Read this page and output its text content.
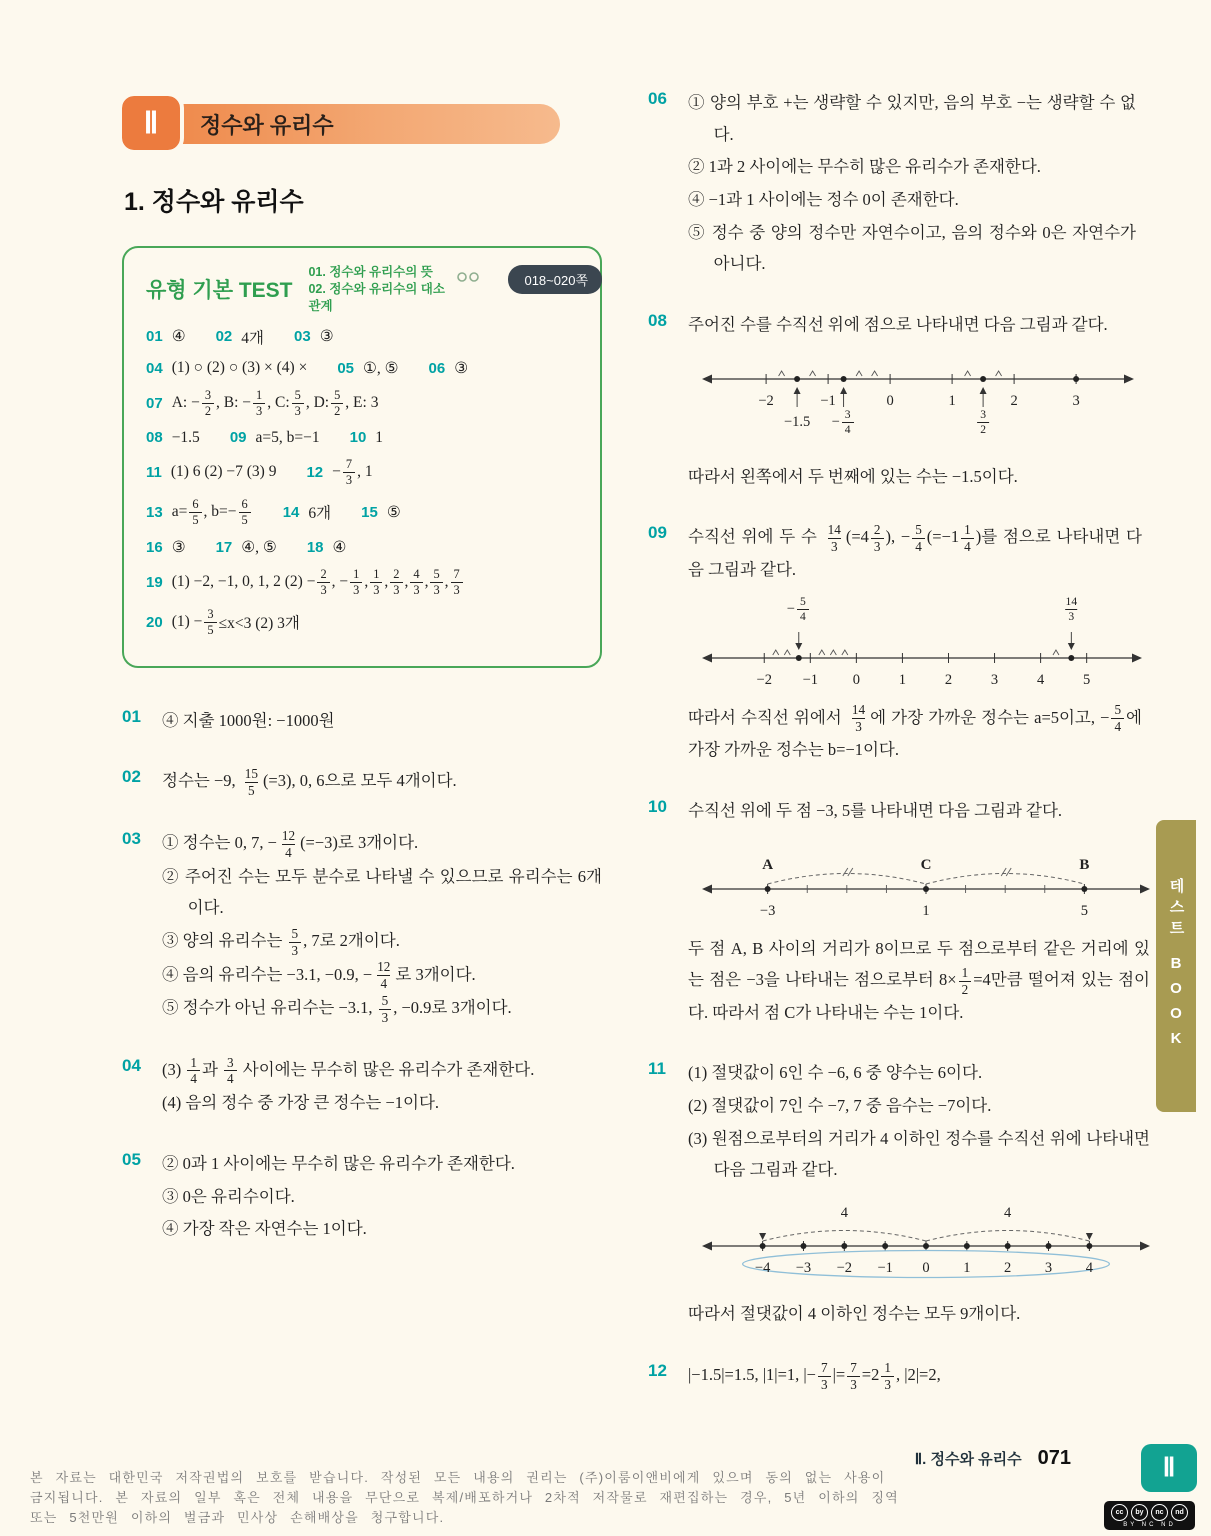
정수와 유리수
Ⅱ
1. 정수와 유리수
유형 기본 TEST
01. 정수와 유리수의 뜻
02. 정수와 유리수의 대소 관계
018~020쪽
01 ④ 02 4개 03 ③
04 (1) ○ (2) ○ (3) × (4) × 05 ①, ⑤ 06 ③
07 A: − $\frac{3}{2}$ , B: − $\frac{1}{3}$ , C: $\frac{5}{3}$ , D: $\frac{5}{2}$ , E: 3
08 −1.5 09 a=5, b=−1 10 1
11 (1) 6 (2) −7 (3) 9 $12 - \frac{7}{3}$ , 1
13 $a= \frac{6}{5}$ , $b=- \frac{6}{5} 14$ 6개 15 ⑤
16 ③ 17 ④, ⑤ 18 ④
19 (1) −2, −1, 0, 1, 2 $(2) - \frac{2}{3}$ , − $\frac{1}{3}$ , $\frac{1}{3}$ , $\frac{2}{3}$ , $\frac{4}{3}$ , $\frac{5}{3}$ , $\frac{7}{3}$
20 $(1) - \frac{3}{5} \le x<3$ (2) 3개
01	④ 지출 1000원: −1000원
02	정수는 −9, $\frac{15}{5} (=3)$, 0, 6으로 모두 4개이다.
03	① 정수는 0, 7, − $\frac{12}{4} (=-3)$로 3개이다.
② 주어진 수는 모두 분수로 나타낼 수 있으므로 유리수는 6개이다.
③ 양의 유리수는 $\frac{5}{3}$ , 7로 2개이다.
④ 음의 유리수는 −3.1, −0.9, − $\frac{12}{4}$ 로 3개이다.
⑤ 정수가 아닌 유리수는 −3.1, $\frac{5}{3}$ , −0.9로 3개이다.
04	$(3) \frac{1}{4}$ 과 $\frac{3}{4}$ 사이에는 무수히 많은 유리수가 존재한다.
(4) 음의 정수 중 가장 큰 정수는 −1이다.
05	② 0과 1 사이에는 무수히 많은 유리수가 존재한다.
③ 0은 유리수이다.
④ 가장 작은 자연수는 1이다.
06	① 양의 부호 +는 생략할 수 있지만, 음의 부호 −는 생략할 수 없다.
② 1과 2 사이에는 무수히 많은 유리수가 존재한다.
④ −1과 1 사이에는 정수 0이 존재한다.
⑤ 정수 중 양의 정수만 자연수이고, 음의 정수와 0은 자연수가 아니다.
08	주어진 수를 수직선 위에 점으로 나타내면 다음 그림과 같다.
−2	−1	0	1	2	3
$-1.5 - \frac{3}{4}$	$\frac{3}{2}$
따라서 왼쪽에서 두 번째에 있는 수는 −1.5이다.
09	수직선 위에 두 수 $\frac{14}{3} (=4 \frac{2}{3}$ ), − $\frac{5}{4} (=-1 \frac{1}{4}$ )를 점으로 나타내면 다음 그림과 같다.
−2 −1 0	1	2	3	4	5
− $\frac{5}{4}$	$\frac{14}{3}$
따라서 수직선 위에서 $\frac{14}{3}$ 에 가장 가까운 정수는 a=5이고, − $\frac{5}{4}$ 에 가장 가까운 정수는 b=−1이다.
10	수직선 위에 두 점 −3, 5를 나타내면 다음 그림과 같다.
−3	1	5
A	C	B
두 점 A, B 사이의 거리가 8이므로 두 점으로부터 같은 거리에 있는 점은 −3을 나타내는 점으로부터 $8\times \frac{1}{2} =4$만큼 떨어져 있는 점이다. 따라서 점 C가 나타내는 수는 1이다.
11	(1) 절댓값이 6인 수 −6, 6 중 양수는 6이다.
(2) 절댓값이 7인 수 −7, 7 중 음수는 −7이다.
(3) 원점으로부터의 거리가 4 이하인 정수를 수직선 위에 나타내면 다음 그림과 같다.
−4 −3 −2 −1 0 1 2 3 4
4	4
따라서 절댓값이 4 이하인 정수는 모두 9개이다.
12	|−1.5|=1.5, |1|=1, |− $\frac{7}{3}$ |= $\frac{7}{3} =2 \frac{1}{3}$ , |2|=2,
테스트
BOOK
본 자료는 대한민국 저작권법의 보호를 받습니다. 작성된 모든 내용의 권리는 (주)이룸이앤비에게 있으며 동의 없는 사용이
금지됩니다. 본 자료의 일부 혹은 전체 내용을 무단으로 복제/배포하거나 2차적 저작물로 재편집하는 경우, 5년 이하의 징역
또는 5천만원 이하의 벌금과 민사상 손해배상을 청구합니다.
Ⅱ. 정수와 유리수 071	Ⅱ
cc	by	nc	nd
BY NC ND
